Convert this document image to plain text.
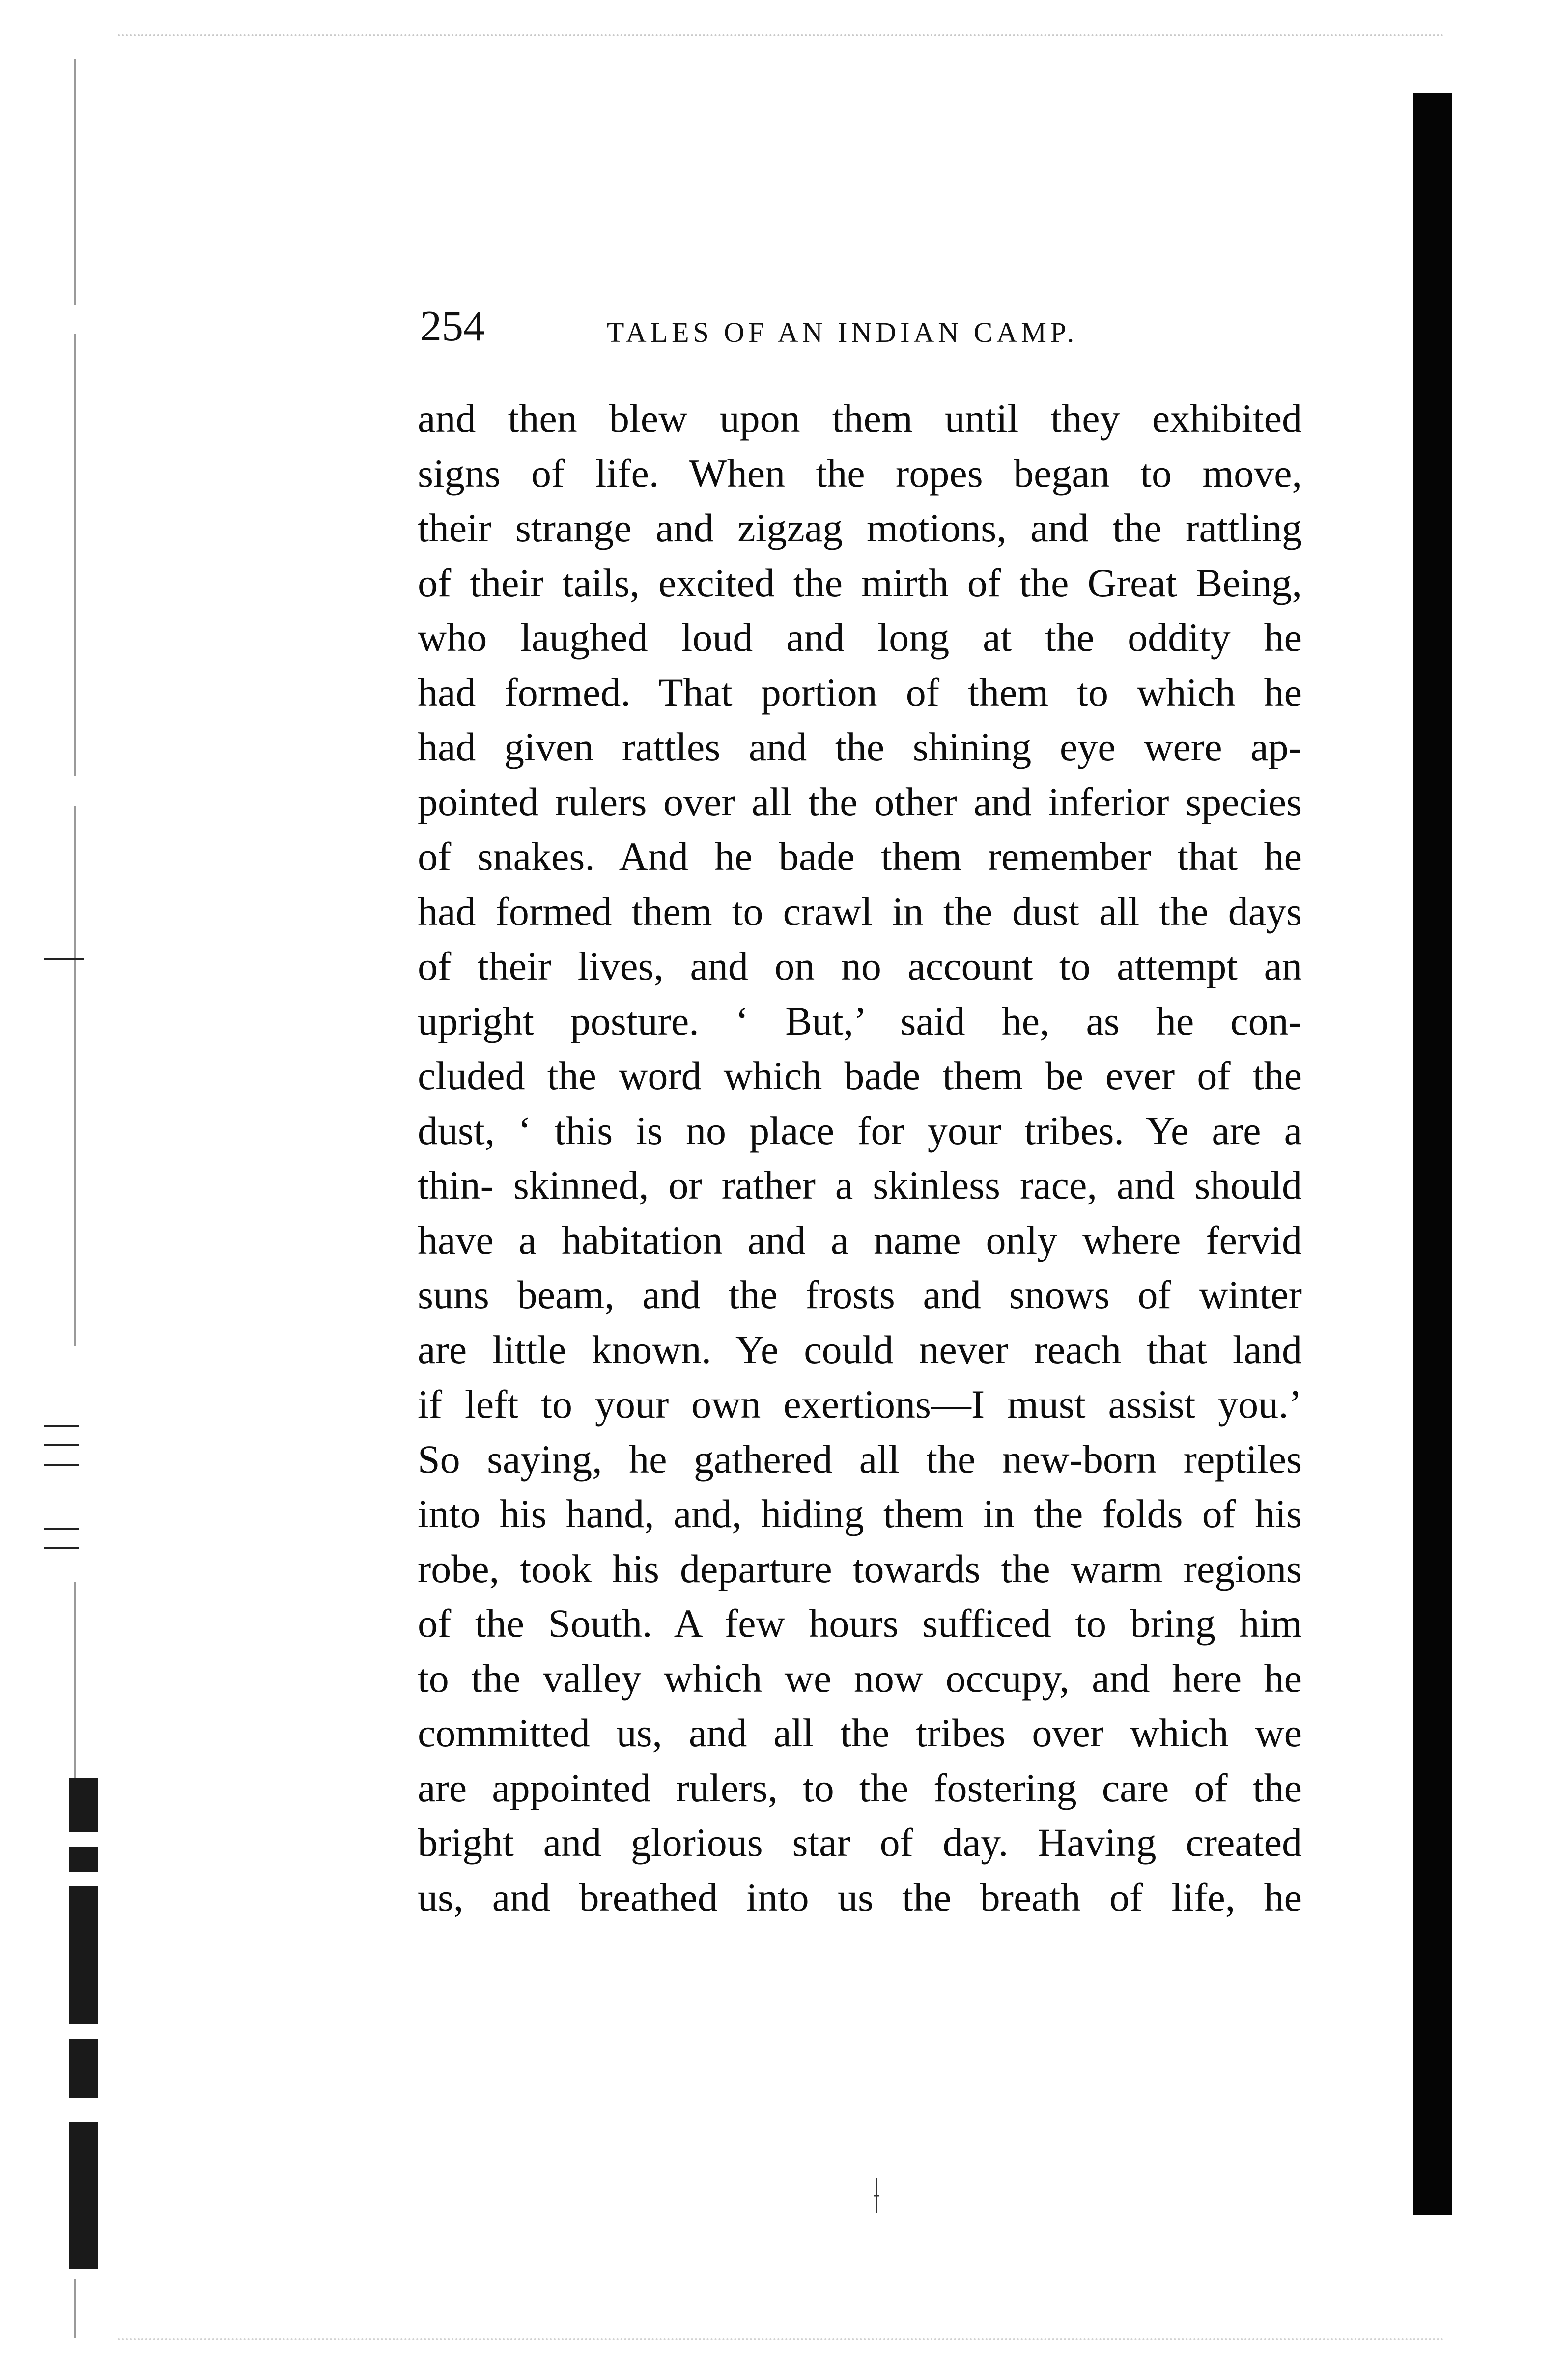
254	TALES OF AN INDIAN CAMP.
and then blew upon them until they exhibited
signs of life. When the ropes began to move,
their strange and zigzag motions, and the rattling
of their tails, excited the mirth of the Great Being,
who laughed loud and long at the oddity he
had formed. That portion of them to which he
had given rattles and the shining eye were ap-
pointed rulers over all the other and inferior species
of snakes. And he bade them remember that he
had formed them to crawl in the dust all the days
of their lives, and on no account to attempt an
upright posture. ‘ But,’ said he, as he con-
cluded the word which bade them be ever of the
dust, ‘ this is no place for your tribes. Ye are a
thin- skinned, or rather a skinless race, and should
have a habitation and a name only where fervid
suns beam, and the frosts and snows of winter
are little known. Ye could never reach that land
if left to your own exertions—I must assist you.’
So saying, he gathered all the new-born reptiles
into his hand, and, hiding them in the folds of his
robe, took his departure towards the warm regions
of the South. A few hours sufficed to bring him
to the valley which we now occupy, and here he
committed us, and all the tribes over which we
are appointed rulers, to the fostering care of the
bright and glorious star of day. Having created
us, and breathed into us the breath of life, he
